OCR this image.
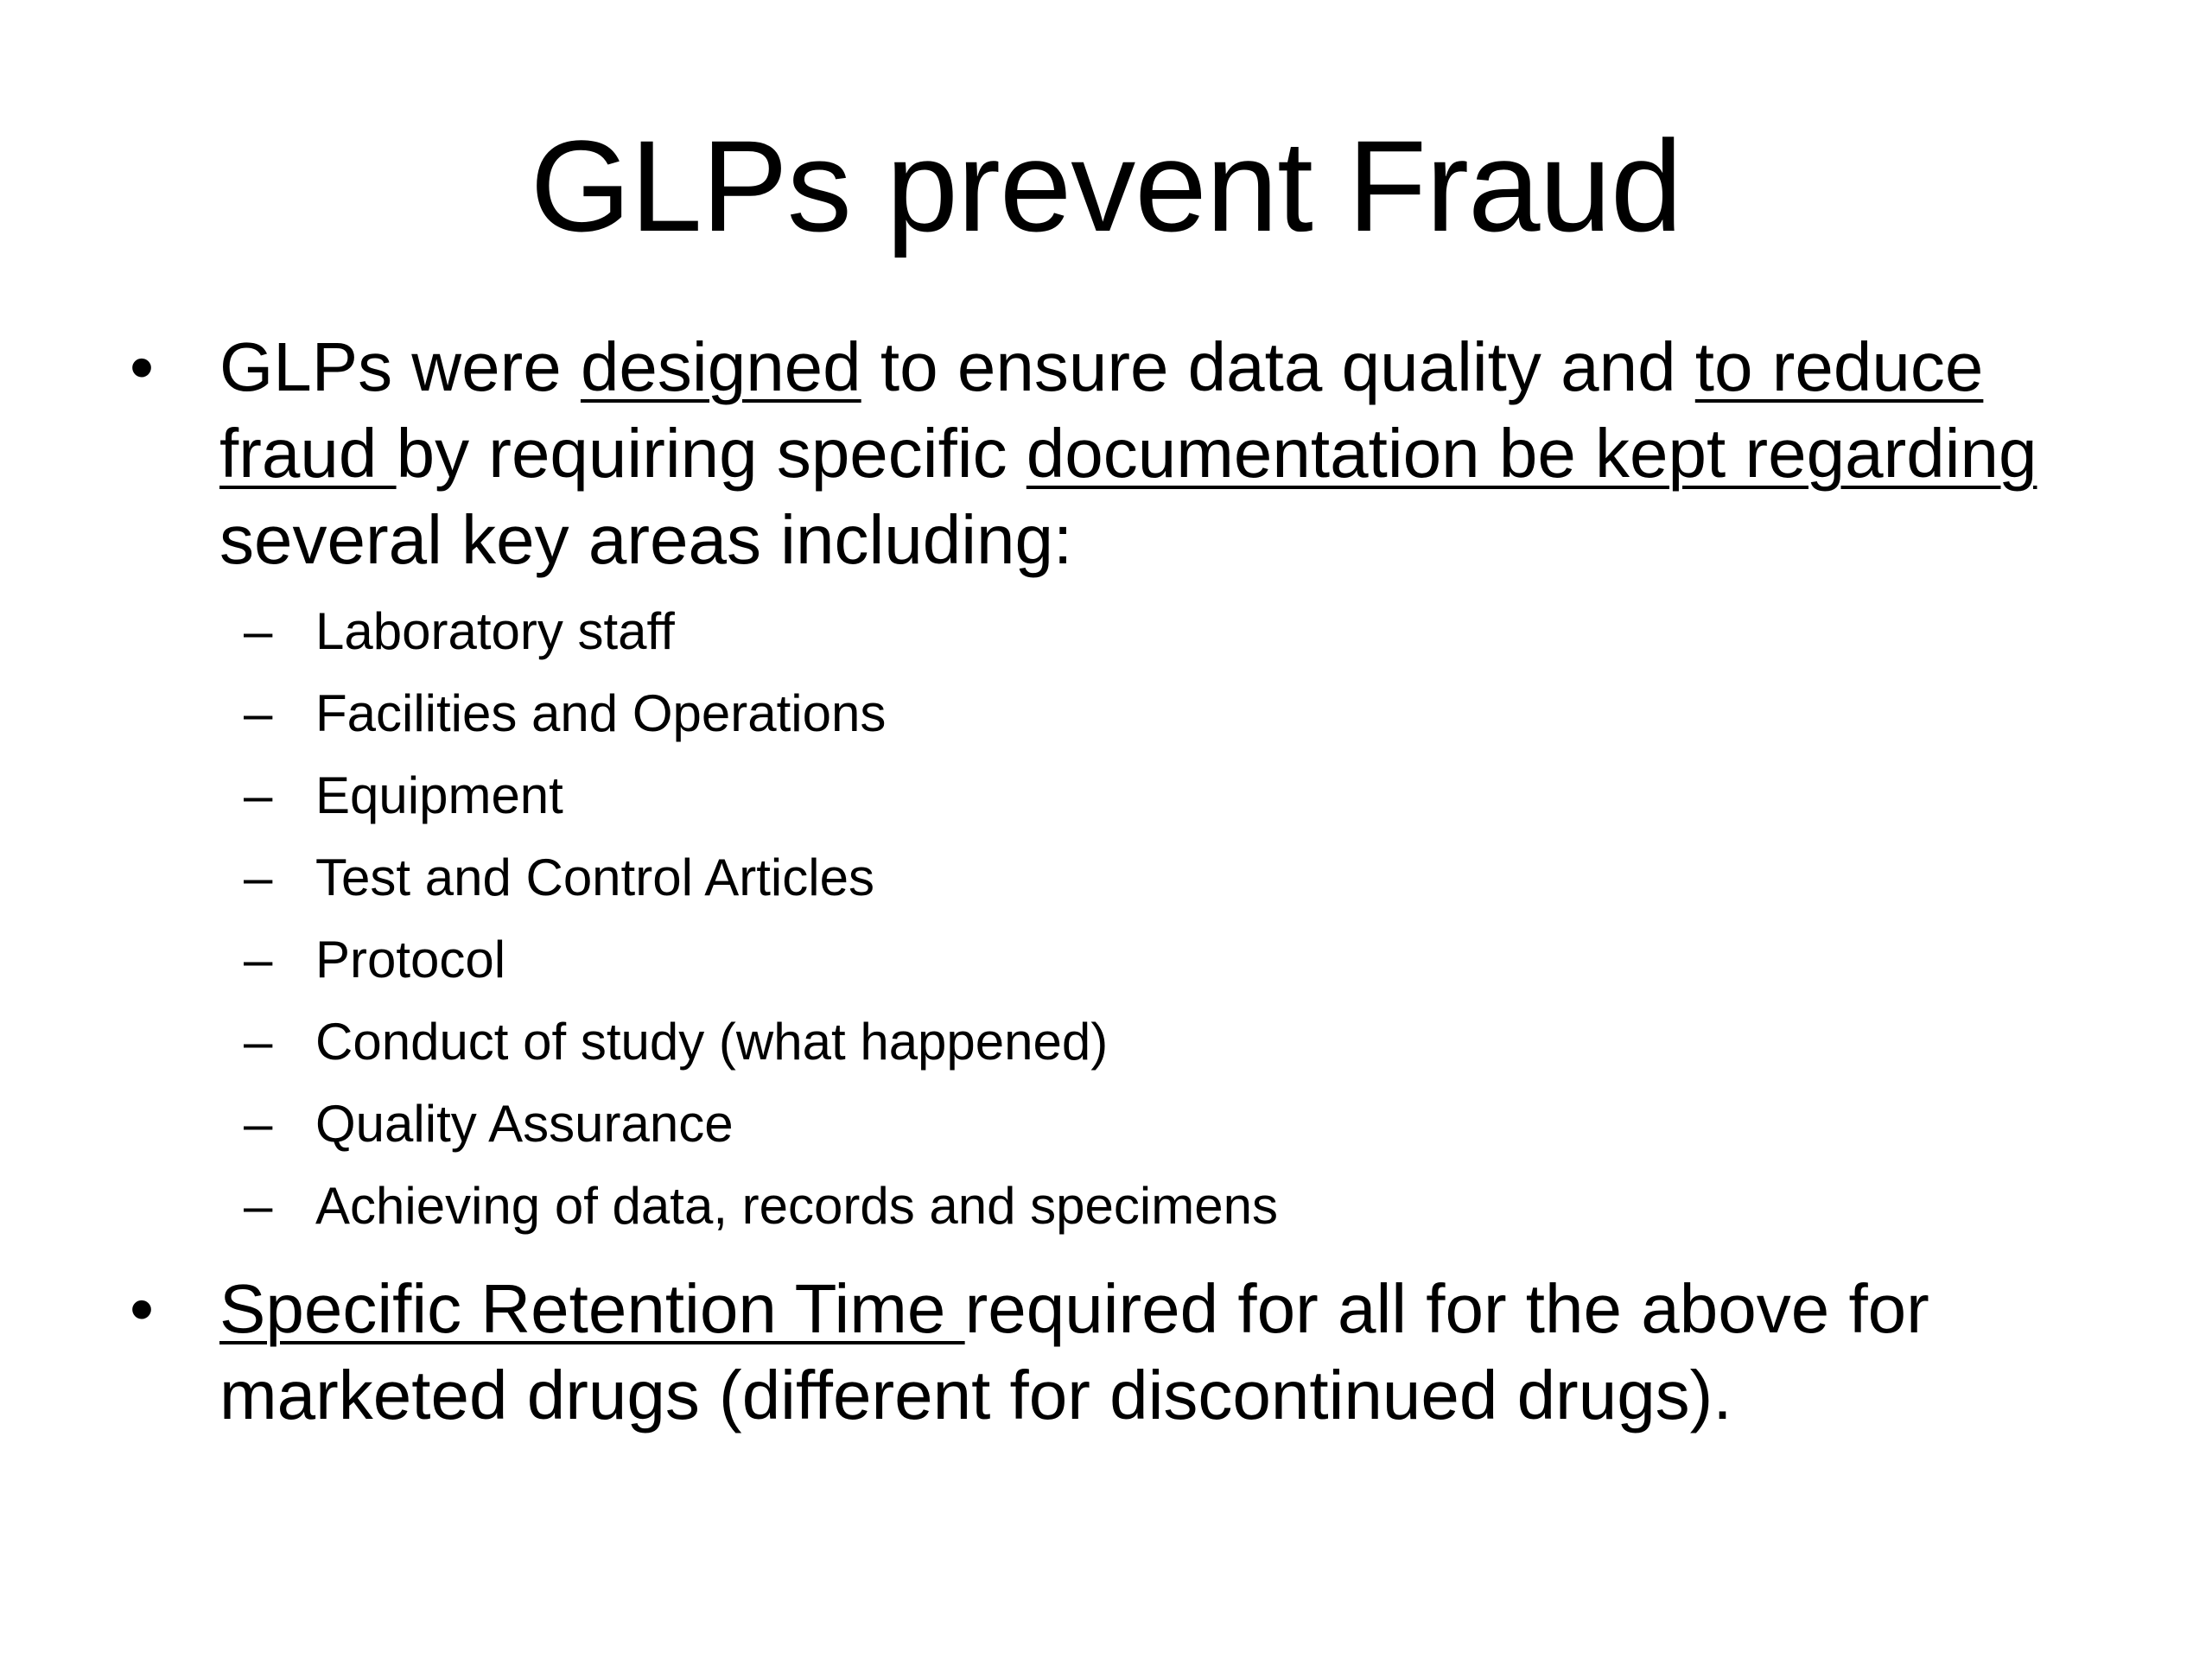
GLPs prevent Fraud

• GLPs were designed to ensure data quality and to reduce fraud by requiring specific documentation be kept regarding several key areas including:

– Laboratory staff
– Facilities and Operations
– Equipment
– Test and Control Articles
– Protocol
– Conduct of study (what happened)
– Quality Assurance
– Achieving of data, records and specimens

• Specific Retention Time required for all for the above for marketed drugs (different for discontinued drugs).
